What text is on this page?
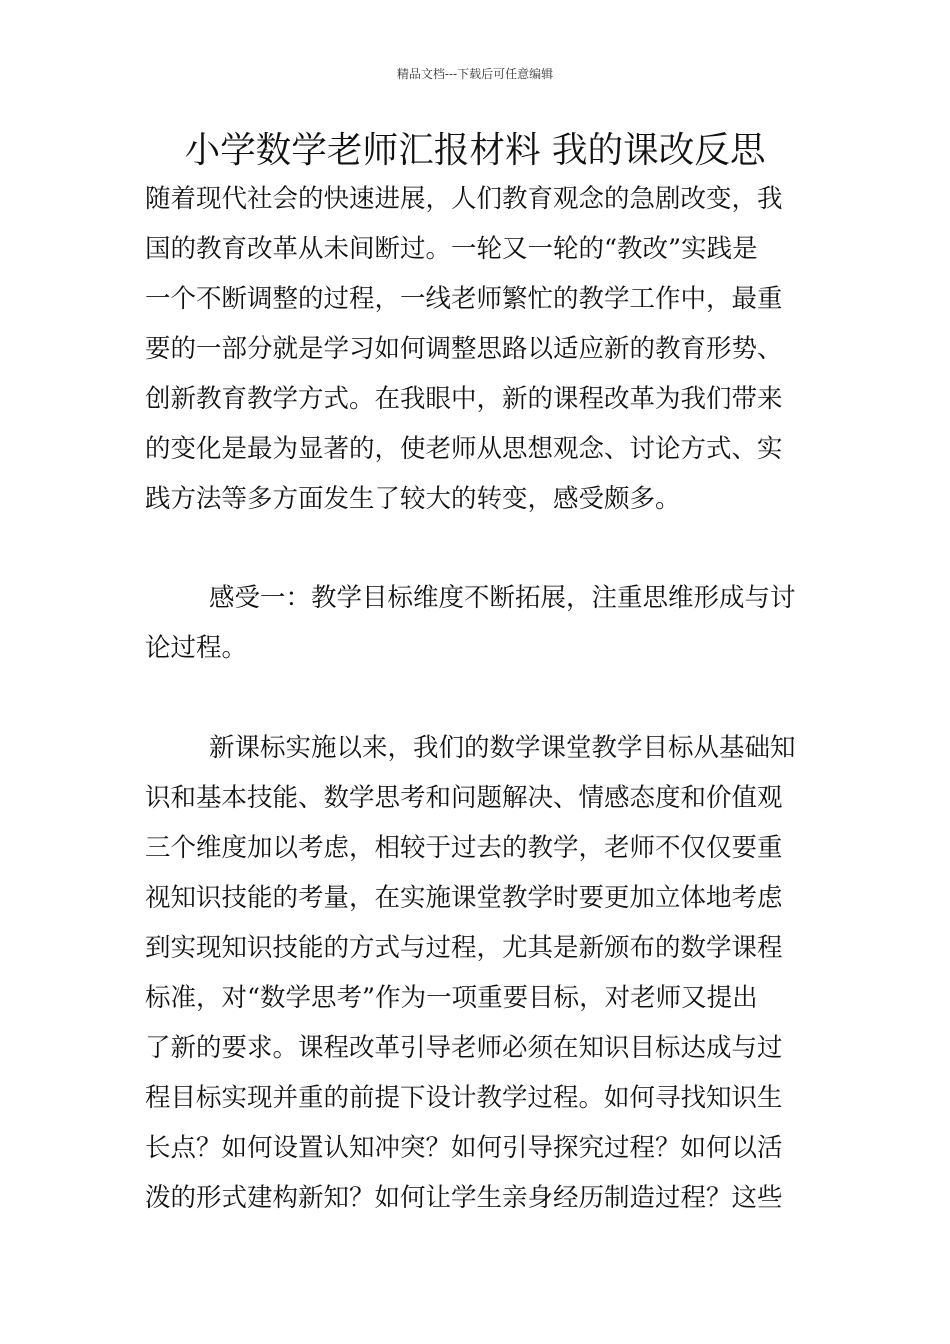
精品文档---下载后可任意编辑
小学数学老师汇报材料 我的课改反思
随着现代社会的快速进展，人们教育观念的急剧改变，我
国的教育改革从未间断过。一轮又一轮的“教改”实践是
一个不断调整的过程，一线老师繁忙的教学工作中，最重
要的一部分就是学习如何调整思路以适应新的教育形势、
创新教育教学方式。在我眼中，新的课程改革为我们带来
的变化是最为显著的，使老师从思想观念、讨论方式、实
践方法等多方面发生了较大的转变，感受颇多。
感受一：教学目标维度不断拓展，注重思维形成与讨
论过程。
新课标实施以来，我们的数学课堂教学目标从基础知
识和基本技能、数学思考和问题解决、情感态度和价值观
三个维度加以考虑，相较于过去的教学，老师不仅仅要重
视知识技能的考量，在实施课堂教学时要更加立体地考虑
到实现知识技能的方式与过程，尤其是新颁布的数学课程
标准，对“数学思考”作为一项重要目标，对老师又提出
了新的要求。课程改革引导老师必须在知识目标达成与过
程目标实现并重的前提下设计教学过程。如何寻找知识生
长点？如何设置认知冲突？如何引导探究过程？如何以活
泼的形式建构新知？如何让学生亲身经历制造过程？这些
